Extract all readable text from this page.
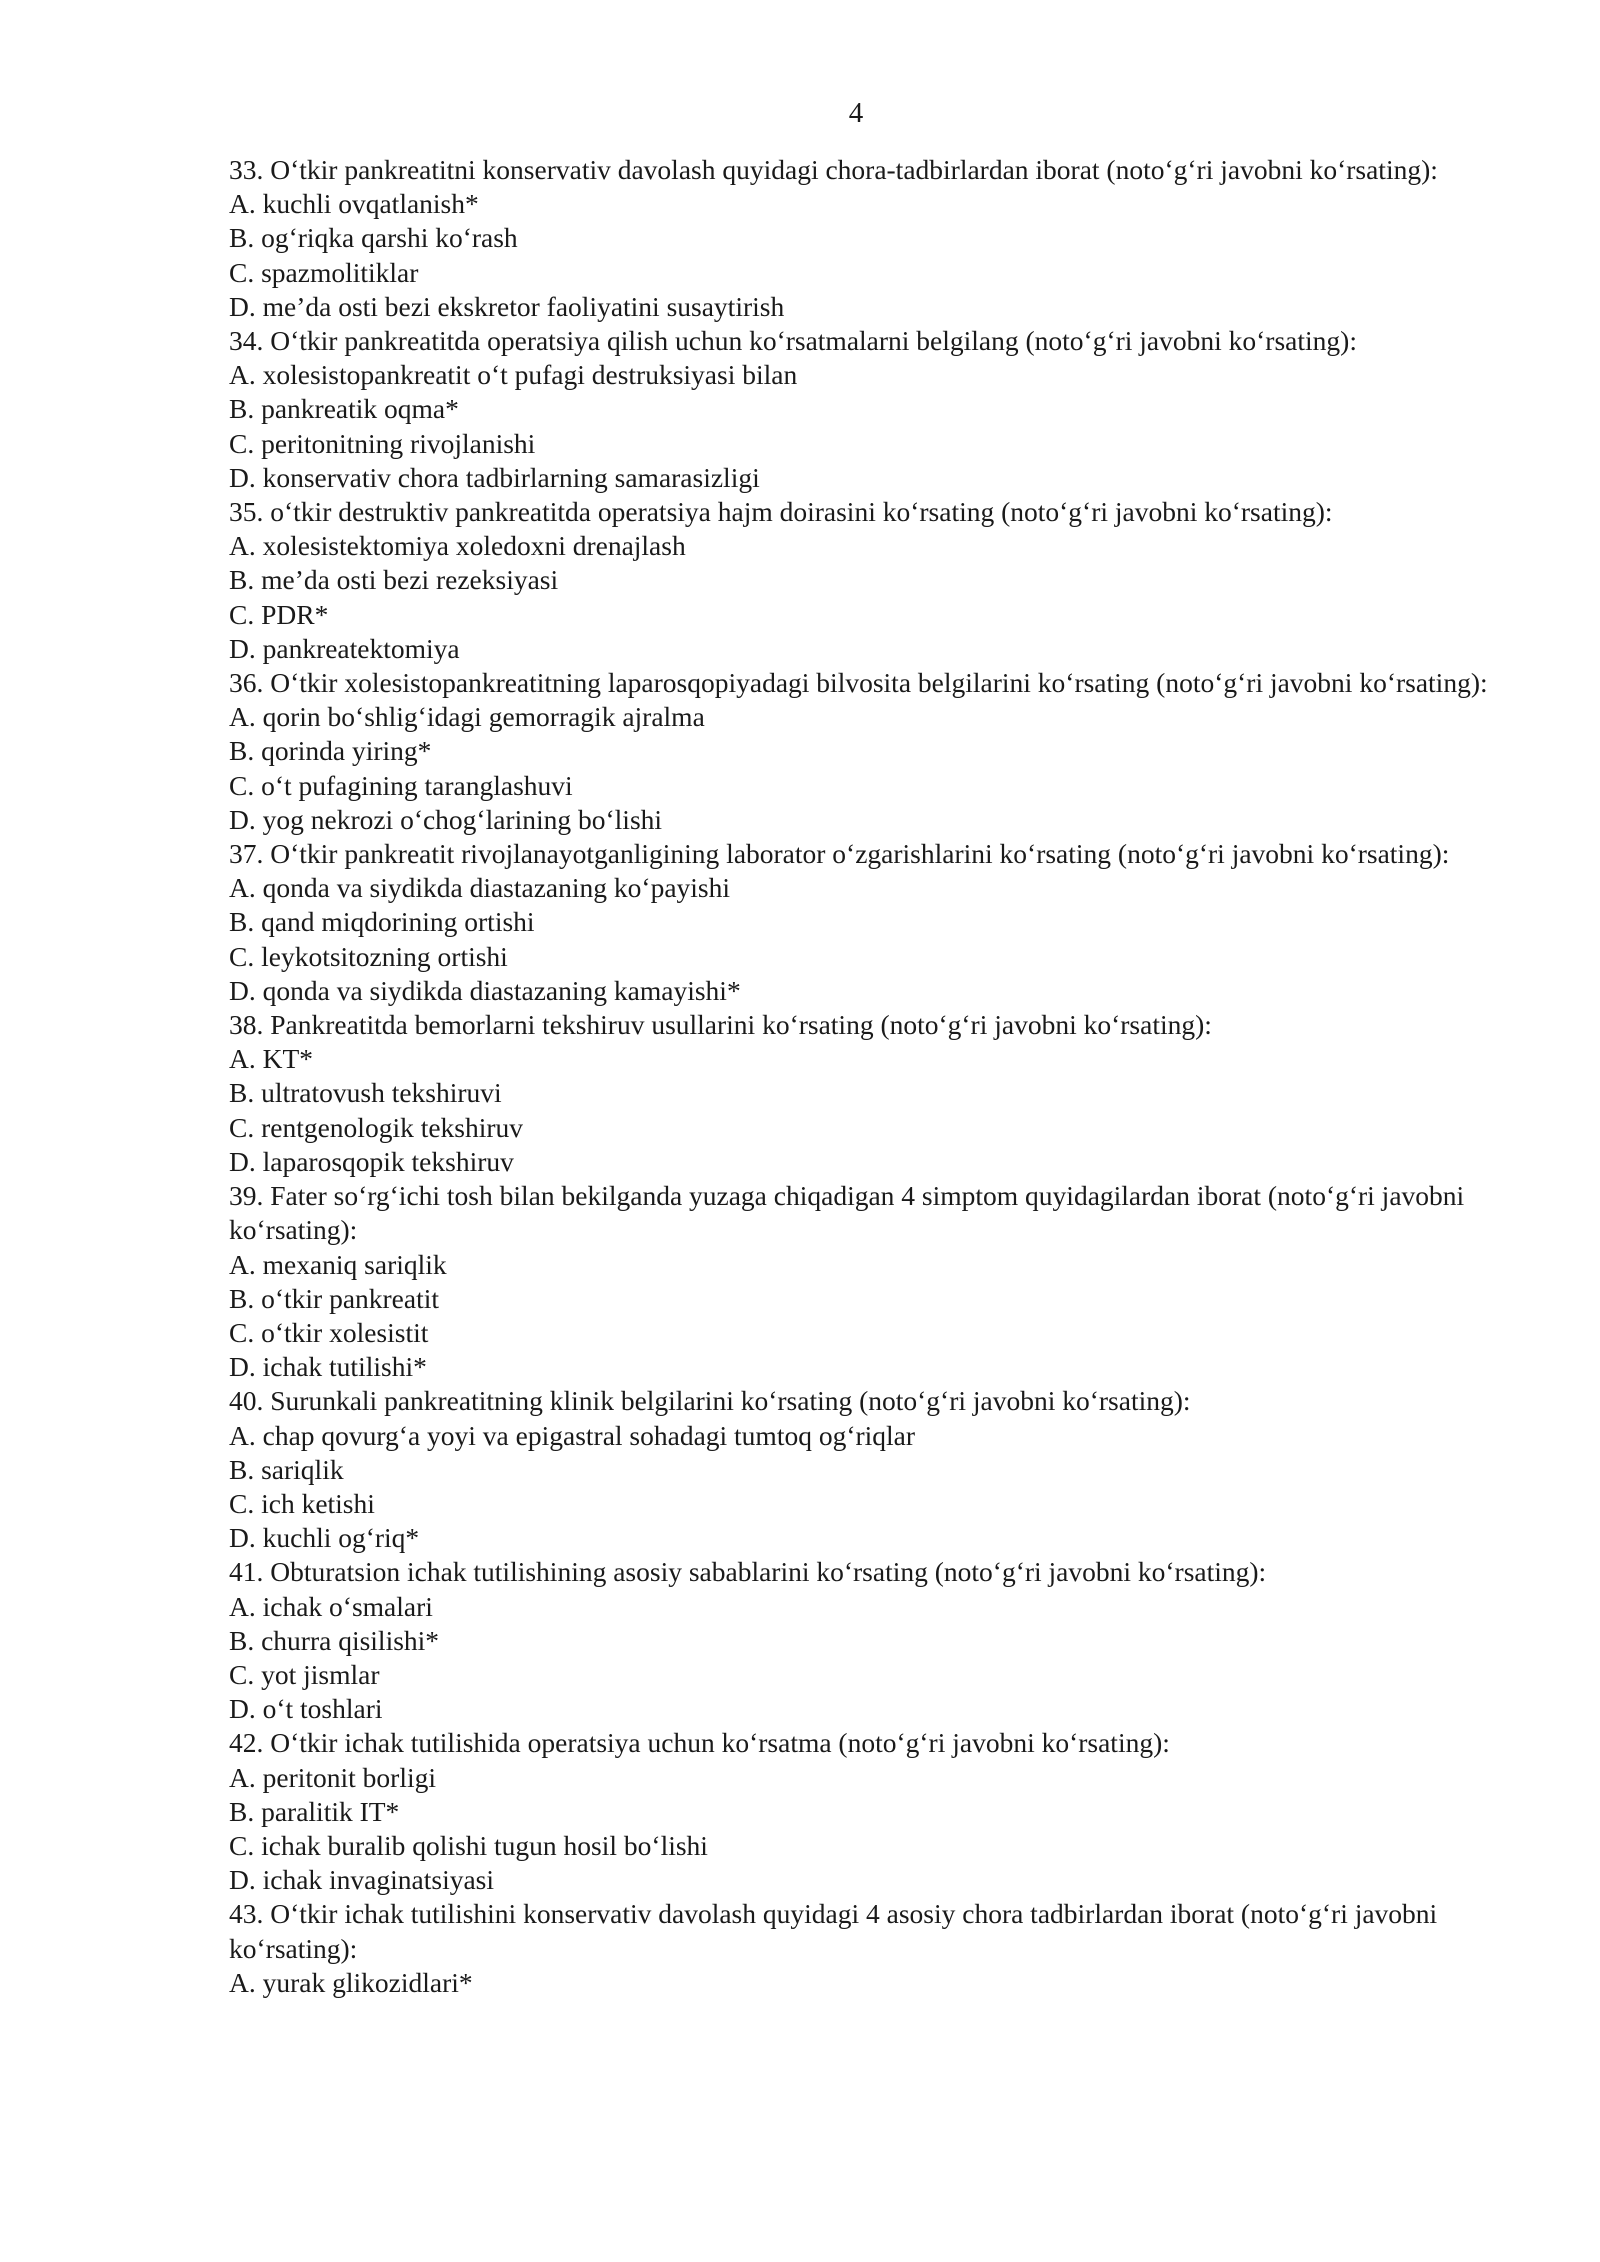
4
33. O‘tkir pankreatitni konservativ davolash quyidagi chora-tadbirlardan iborat (noto‘g‘ri javobni ko‘rsating):
A. kuchli ovqatlanish*
B. og‘riqka qarshi ko‘rash
C. spazmolitiklar
D. me’da osti bezi ekskretor faoliyatini susaytirish
34. O‘tkir pankreatitda operatsiya qilish uchun ko‘rsatmalarni belgilang (noto‘g‘ri javobni ko‘rsating):
A. xolesistopankreatit o‘t pufagi destruksiyasi bilan
B. pankreatik oqma*
C. peritonitning rivojlanishi
D. konservativ chora tadbirlarning samarasizligi
35. o‘tkir destruktiv pankreatitda operatsiya hajm doirasini ko‘rsating (noto‘g‘ri javobni ko‘rsating):
A. xolesistektomiya xoledoxni drenajlash
B. me’da osti bezi rezeksiyasi
C. PDR*
D. pankreatektomiya
36. O‘tkir xolesistopankreatitning laparosqopiyadagi bilvosita belgilarini ko‘rsating (noto‘g‘ri javobni ko‘rsating):
A. qorin bo‘shlig‘idagi gemorragik ajralma
B. qorinda yiring*
C. o‘t pufagining taranglashuvi
D. yog nekrozi o‘chog‘larining bo‘lishi
37. O‘tkir pankreatit rivojlanayotganligining laborator o‘zgarishlarini ko‘rsating (noto‘g‘ri javobni ko‘rsating):
A. qonda va siydikda diastazaning ko‘payishi
B. qand miqdorining ortishi
C. leykotsitozning ortishi
D. qonda va siydikda diastazaning kamayishi*
38. Pankreatitda bemorlarni tekshiruv usullarini ko‘rsating (noto‘g‘ri javobni ko‘rsating):
A. KT*
B. ultratovush tekshiruvi
C. rentgenologik tekshiruv
D. laparosqopik tekshiruv
39. Fater so‘rg‘ichi tosh bilan bekilganda yuzaga chiqadigan 4 simptom quyidagilardan iborat (noto‘g‘ri javobni ko‘rsating):
A. mexaniq sariqlik
B. o‘tkir pankreatit
C. o‘tkir xolesistit
D. ichak tutilishi*
40. Surunkali pankreatitning klinik belgilarini ko‘rsating (noto‘g‘ri javobni ko‘rsating):
A. chap qovurg‘a yoyi va epigastral sohadagi tumtoq og‘riqlar
B. sariqlik
C. ich ketishi
D. kuchli og‘riq*
41. Obturatsion ichak tutilishining asosiy sabablarini ko‘rsating (noto‘g‘ri javobni ko‘rsating):
A. ichak o‘smalari
B. churra qisilishi*
C. yot jismlar
D. o‘t toshlari
42. O‘tkir ichak tutilishida operatsiya uchun ko‘rsatma (noto‘g‘ri javobni ko‘rsating):
A. peritonit borligi
B. paralitik IT*
C. ichak buralib qolishi tugun hosil bo‘lishi
D. ichak invaginatsiyasi
43. O‘tkir ichak tutilishini konservativ davolash quyidagi 4 asosiy chora tadbirlardan iborat (noto‘g‘ri javobni ko‘rsating):
A. yurak glikozidlari*
